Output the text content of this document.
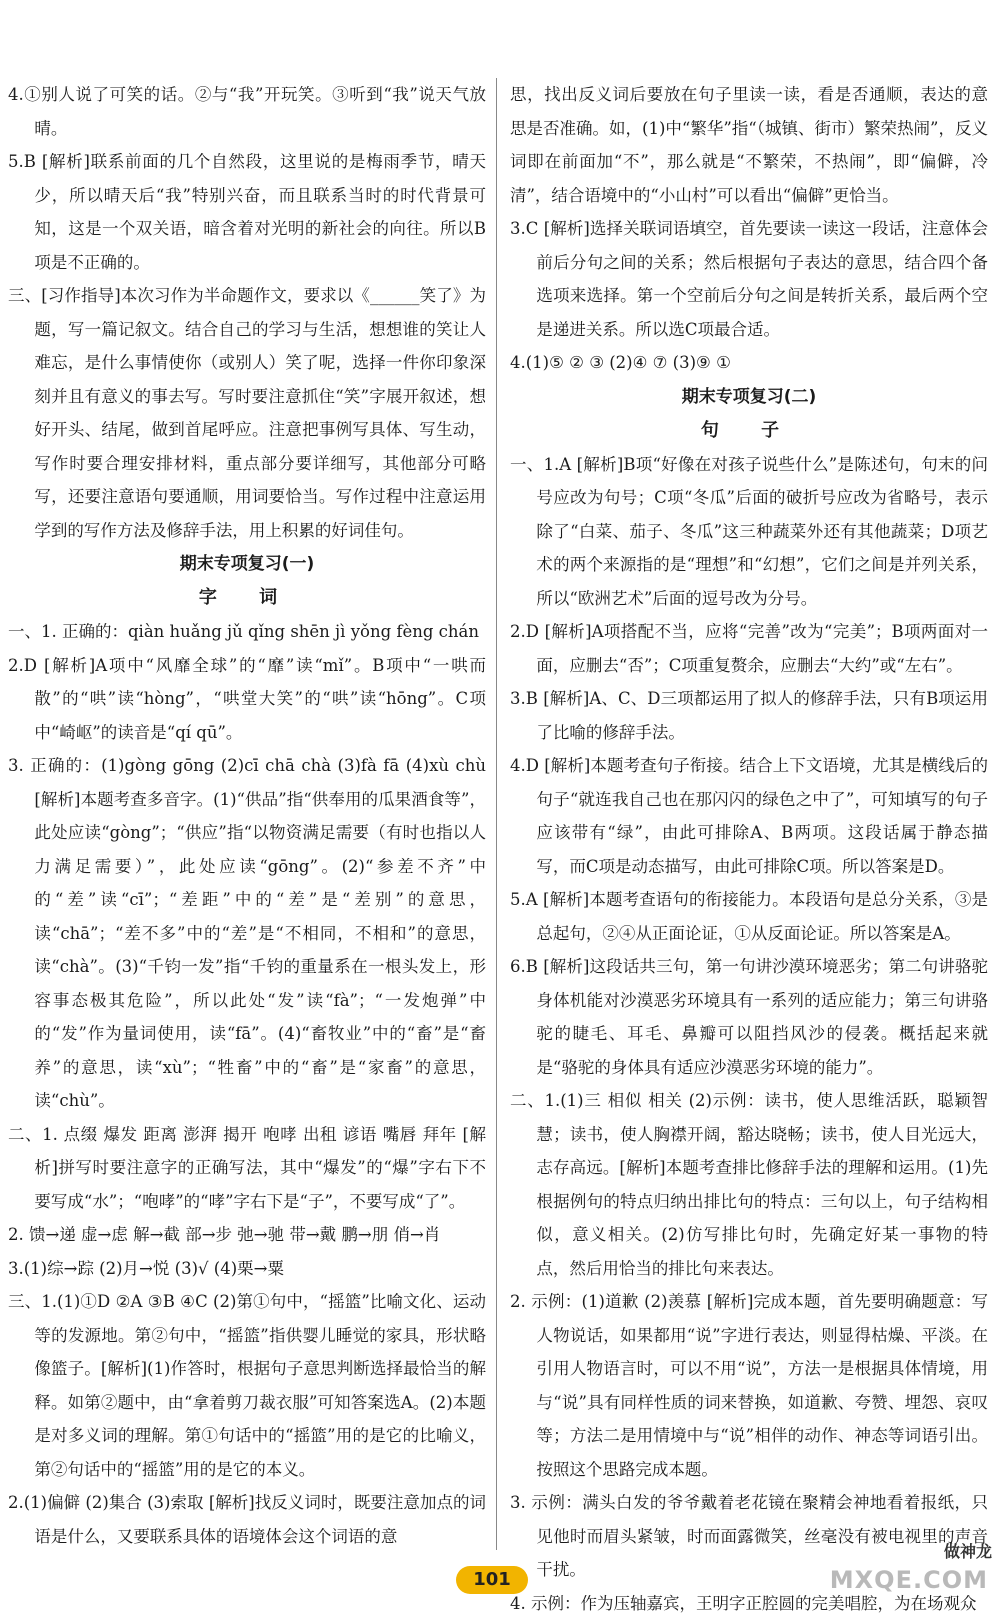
4.①别人说了可笑的话。②与“我”开玩笑。③听到“我”说天气放晴。

5.B [解析]联系前面的几个自然段，这里说的是梅雨季节，晴天少，所以晴天后“我”特别兴奋，而且联系当时的时代背景可知，这是一个双关语，暗含着对光明的新社会的向往。所以B项是不正确的。

三、[习作指导]本次习作为半命题作文，要求以《______笑了》为题，写一篇记叙文。结合自己的学习与生活，想想谁的笑让人难忘，是什么事情使你（或别人）笑了呢，选择一件你印象深刻并且有意义的事去写。写时要注意抓住“笑”字展开叙述，想好开头、结尾，做到首尾呼应。注意把事例写具体、写生动，写作时要合理安排材料，重点部分要详细写，其他部分可略写，还要注意语句要通顺，用词要恰当。写作过程中注意运用学到的写作方法及修辞手法，用上积累的好词佳句。

期末专项复习(一)

字 词

一、1. 正确的：qiàn huǎng jǔ qǐng shēn jì yǒng fèng chán

2.D [解析]A项中“风靡全球”的“靡”读“mǐ”。B项中“一哄而散”的“哄”读“hòng”，“哄堂大笑”的“哄”读“hōng”。C项中“崎岖”的读音是“qí qū”。

3. 正确的：(1)gòng gōng (2)cī chā chà (3)fà fā (4)xù chù [解析]本题考查多音字。(1)“供品”指“供奉用的瓜果酒食等”，此处应读“gòng”；“供应”指“以物资满足需要（有时也指以人力满足需要）”，此处应读“gōng”。(2)“参差不齐”中的“差”读“cī”；“差距”中的“差”是“差别”的意思，读“chā”；“差不多”中的“差”是“不相同，不相和”的意思，读“chà”。(3)“千钧一发”指“千钧的重量系在一根头发上，形容事态极其危险”，所以此处“发”读“fà”；“一发炮弹”中的“发”作为量词使用，读“fā”。(4)“畜牧业”中的“畜”是“畜养”的意思，读“xù”；“牲畜”中的“畜”是“家畜”的意思，读“chù”。

二、1. 点缀 爆发 距离 澎湃 揭开 咆哮 出租 谚语 嘴唇 拜年 [解析]拼写时要注意字的正确写法，其中“爆发”的“爆”字右下不要写成“水”；“咆哮”的“哮”字右下是“子”，不要写成“了”。

2. 馈→递 虚→虑 解→截 部→步 弛→驰 带→戴 鹏→朋 俏→肖

3.(1)综→踪 (2)月→悦 (3)√ (4)栗→粟

三、1.(1)①D ②A ③B ④C (2)第①句中，“摇篮”比喻文化、运动等的发源地。第②句中，“摇篮”指供婴儿睡觉的家具，形状略像篮子。[解析](1)作答时，根据句子意思判断选择最恰当的解释。如第②题中，由“拿着剪刀裁衣服”可知答案选A。(2)本题是对多义词的理解。第①句话中的“摇篮”用的是它的比喻义，第②句话中的“摇篮”用的是它的本义。

2.(1)偏僻 (2)集合 (3)索取 [解析]找反义词时，既要注意加点的词语是什么，又要联系具体的语境体会这个词语的意

思，找出反义词后要放在句子里读一读，看是否通顺，表达的意思是否准确。如，(1)中“繁华”指“（城镇、街市）繁荣热闹”，反义词即在前面加“不”，那么就是“不繁荣，不热闹”，即“偏僻，冷清”，结合语境中的“小山村”可以看出“偏僻”更恰当。

3.C [解析]选择关联词语填空，首先要读一读这一段话，注意体会前后分句之间的关系；然后根据句子表达的意思，结合四个备选项来选择。第一个空前后分句之间是转折关系，最后两个空是递进关系。所以选C项最合适。

4.(1)⑤ ② ③ (2)④ ⑦ (3)⑨ ①

期末专项复习(二)

句 子

一、1.A [解析]B项“好像在对孩子说些什么”是陈述句，句末的问号应改为句号；C项“冬瓜”后面的破折号应改为省略号，表示除了“白菜、茄子、冬瓜”这三种蔬菜外还有其他蔬菜；D项艺术的两个来源指的是“理想”和“幻想”，它们之间是并列关系，所以“欧洲艺术”后面的逗号改为分号。

2.D [解析]A项搭配不当，应将“完善”改为“完美”；B项两面对一面，应删去“否”；C项重复赘余，应删去“大约”或“左右”。

3.B [解析]A、C、D三项都运用了拟人的修辞手法，只有B项运用了比喻的修辞手法。

4.D [解析]本题考查句子衔接。结合上下文语境，尤其是横线后的句子“就连我自己也在那闪闪的绿色之中了”，可知填写的句子应该带有“绿”，由此可排除A、B两项。这段话属于静态描写，而C项是动态描写，由此可排除C项。所以答案是D。

5.A [解析]本题考查语句的衔接能力。本段语句是总分关系，③是总起句，②④从正面论证，①从反面论证。所以答案是A。

6.B [解析]这段话共三句，第一句讲沙漠环境恶劣；第二句讲骆驼身体机能对沙漠恶劣环境具有一系列的适应能力；第三句讲骆驼的睫毛、耳毛、鼻瓣可以阻挡风沙的侵袭。概括起来就是“骆驼的身体具有适应沙漠恶劣环境的能力”。

二、1.(1)三 相似 相关 (2)示例：读书，使人思维活跃，聪颖智慧；读书，使人胸襟开阔，豁达晓畅；读书，使人目光远大，志存高远。[解析]本题考查排比修辞手法的理解和运用。(1)先根据例句的特点归纳出排比句的特点：三句以上，句子结构相似，意义相关。(2)仿写排比句时，先确定好某一事物的特点，然后用恰当的排比句来表达。

2. 示例：(1)道歉 (2)羡慕 [解析]完成本题，首先要明确题意：写人物说话，如果都用“说”字进行表达，则显得枯燥、平淡。在引用人物语言时，可以不用“说”，方法一是根据具体情境，用与“说”具有同样性质的词来替换，如道歉、夸赞、埋怨、哀叹等；方法二是用情境中与“说”相伴的动作、神态等词语引出。按照这个思路完成本题。

3. 示例：满头白发的爷爷戴着老花镜在聚精会神地看着报纸，只见他时而眉头紧皱，时而面露微笑，丝毫没有被电视里的声音干扰。

4. 示例：作为压轴嘉宾，王明字正腔圆的完美唱腔，为在场观众

101
做神龙
MXQE.COM
